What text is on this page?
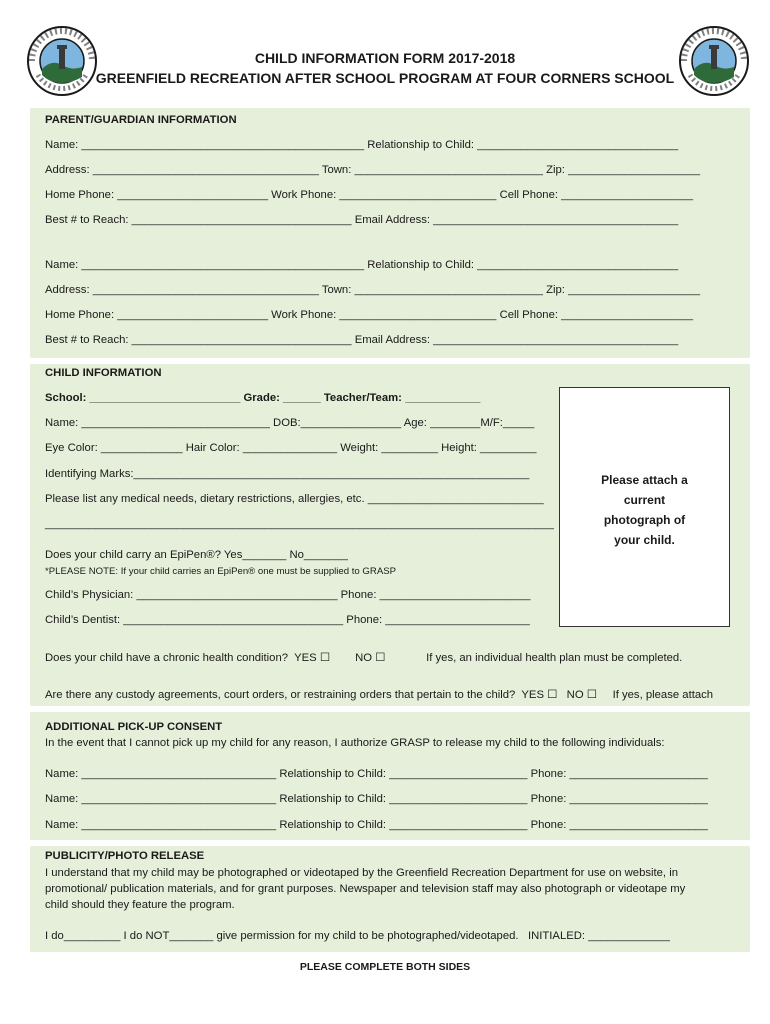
CHILD INFORMATION FORM 2017-2018
GREENFIELD RECREATION AFTER SCHOOL PROGRAM AT FOUR CORNERS SCHOOL
PARENT/GUARDIAN INFORMATION
Name: _____________________________________________ Relationship to Child: ________________________________
Address: ____________________________________ Town: ______________________________ Zip: _____________________
Home Phone: ________________________ Work Phone: _________________________ Cell Phone: _____________________
Best # to Reach: ___________________________________ Email Address: _______________________________________
Name: _____________________________________________ Relationship to Child: ________________________________
Address: ____________________________________ Town: ______________________________ Zip: _____________________
Home Phone: ________________________ Work Phone: _________________________ Cell Phone: _____________________
Best # to Reach: ___________________________________ Email Address: _______________________________________
CHILD INFORMATION
School: ________________________ Grade: ______ Teacher/Team: ____________
Name: ______________________________ DOB:________________ Age: ________M/F:_____
Eye Color: _____________ Hair Color: _______________ Weight: _________ Height: _________
Identifying Marks:_______________________________________________________________
Please list any medical needs, dietary restrictions, allergies, etc. ____________________________
_________________________________________________________________________________
Does your child carry an EpiPen®? Yes_______ No_______
*PLEASE NOTE: If your child carries an EpiPen® one must be supplied to GRASP
Child’s Physician: ________________________________ Phone: ________________________
Child’s Dentist: ___________________________________ Phone: _______________________
Does your child have a chronic health condition?  YES ☐        NO ☐             If yes, an individual health plan must be completed.
Are there any custody agreements, court orders, or restraining orders that pertain to the child?  YES ☐   NO ☐     If yes, please attach
Please attach a
current
photograph of
your child.
ADDITIONAL PICK-UP CONSENT
In the event that I cannot pick up my child for any reason, I authorize GRASP to release my child to the following individuals:
Name: _______________________________ Relationship to Child: ______________________ Phone: ______________________
Name: _______________________________ Relationship to Child: ______________________ Phone: ______________________
Name: _______________________________ Relationship to Child: ______________________ Phone: ______________________
PUBLICITY/PHOTO RELEASE
I understand that my child may be photographed or videotaped by the Greenfield Recreation Department for use on website, in
promotional/ publication materials, and for grant purposes. Newspaper and television staff may also photograph or videotape my
child should they feature the program.
I do_________ I do NOT_______ give permission for my child to be photographed/videotaped.   INITIALED: _____________
PLEASE COMPLETE BOTH SIDES
